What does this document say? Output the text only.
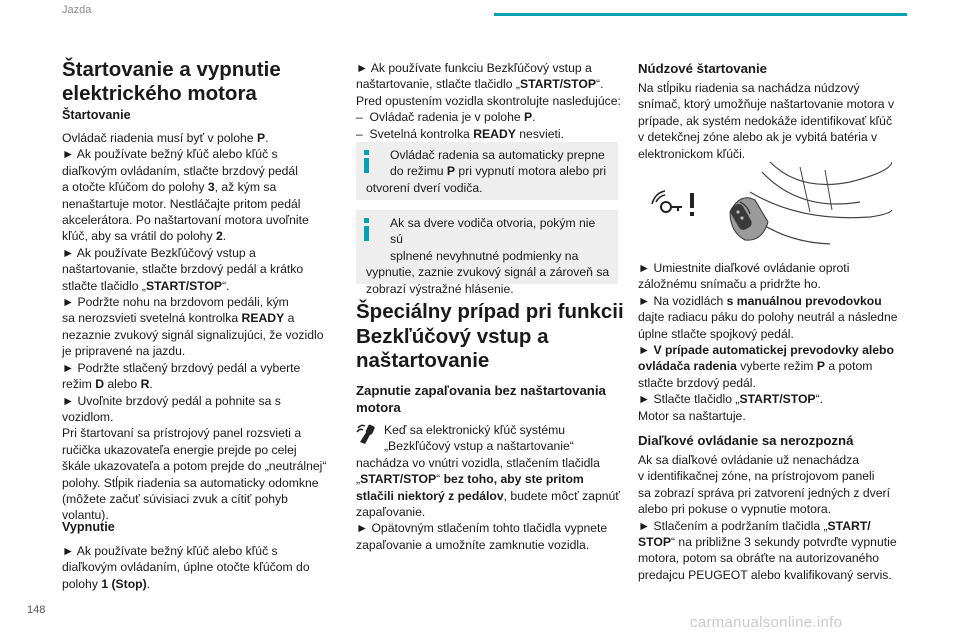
Jazda
Štartovanie a vypnutie elektrického motora
Štartovanie
Ovládač riadenia musí byť v polohe P.
► Ak používate bežný kľúč alebo kľúč s
diaľkovým ovládaním, stlačte brzdový pedál
a otočte kľúčom do polohy 3, až kým sa
nenaštartuje motor. Nestláčajte pritom pedál
akcelerátora. Po naštartovaní motora uvoľnite
kľúč, aby sa vrátil do polohy 2.
► Ak používate Bezkľúčový vstup a
naštartovanie, stlačte brzdový pedál a krátko
stlačte tlačidlo „START/STOP“.
► Podržte nohu na brzdovom pedáli, kým
sa nerozsvieti svetelná kontrolka READY a
nezaznie zvukový signál signalizujúci, že vozidlo
je pripravené na jazdu.
► Podržte stlačený brzdový pedál a vyberte
režim D alebo R.
► Uvoľnite brzdový pedál a pohnite sa s
vozidlom.
Pri štartovaní sa prístrojový panel rozsvieti a
ručička ukazovateľa energie prejde po celej
škále ukazovateľa a potom prejde do „neutrálnej“
polohy. Stĺpik riadenia sa automaticky odomkne
(môžete začuť súvisiaci zvuk a cítiť pohyb
volantu).
Vypnutie
► Ak používate bežný kľúč alebo kľúč s
diaľkovým ovládaním, úplne otočte kľúčom do
polohy 1 (Stop).
► Ak používate funkciu Bezkľúčový vstup a
naštartovanie, stlačte tlačidlo „START/STOP“.
Pred opustením vozidla skontrolujte nasledujúce:
–  Ovládač radenia je v polohe P.
–  Svetelná kontrolka READY nesvieti.
Ovládač radenia sa automaticky prepne
do režimu P pri vypnutí motora alebo pri
otvorení dverí vodiča.
Ak sa dvere vodiča otvoria, pokým nie sú
splnené nevyhnutné podmienky na
vypnutie, zaznie zvukový signál a zároveň sa
zobrazí výstražné hlásenie.
Špeciálny prípad pri funkcii Bezkľúčový vstup a naštartovanie
Zapnutie zapaľovania bez naštartovania motora
Keď sa elektronický kľúč systému
„Bezkľúčový vstup a naštartovanie“
nachádza vo vnútri vozidla, stlačením tlačidla
„START/STOP“ bez toho, aby ste pritom
stlačili niektorý z pedálov, budete môcť zapnúť
zapaľovanie.
► Opätovným stlačením tohto tlačidla vypnete
zapaľovanie a umožníte zamknutie vozidla.
Núdzové štartovanie
Na stĺpiku riadenia sa nachádza núdzový
snímač, ktorý umožňuje naštartovanie motora v
prípade, ak systém nedokáže identifikovať kľúč
v detekčnej zóne alebo ak je vybitá batéria v
elektronickom kľúči.
► Umiestnite diaľkové ovládanie oproti
záložnému snímaču a pridržte ho.
► Na vozidlách s manuálnou prevodovkou
dajte radiacu páku do polohy neutrál a následne
úplne stlačte spojkový pedál.
► V prípade automatickej prevodovky alebo
ovládača radenia vyberte režim P a potom
stlačte brzdový pedál.
► Stlačte tlačidlo „START/STOP“.
Motor sa naštartuje.
Diaľkové ovládanie sa nerozpozná
Ak sa diaľkové ovládanie už nenachádza
v identifikačnej zóne, na prístrojovom paneli
sa zobrazí správa pri zatvorení jedných z dverí
alebo pri pokuse o vypnutie motora.
► Stlačením a podržaním tlačidla „START/
STOP“ na približne 3 sekundy potvrďte vypnutie
motora, potom sa obráťte na autorizovaného
predajcu PEUGEOT alebo kvalifikovaný servis.
148
carmanualsonline.info
